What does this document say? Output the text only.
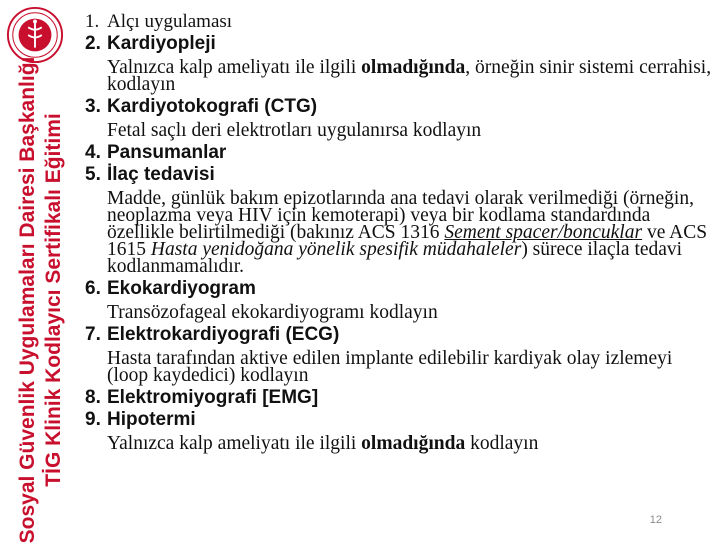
Sosyal Güvenlik Uygulamaları Dairesi Başkanlığı TİG Klinik Kodlayıcı Sertifikalı Eğitimi
1. Alçı uygulaması
2. Kardiyopleji
Yalnızca kalp ameliyatı ile ilgili olmadığında, örneğin sinir sistemi cerrahisi, kodlayın
3. Kardiyotokografi (CTG)
Fetal saçlı deri elektrotları uygulanırsa kodlayın
4. Pansumanlar
5. İlaç tedavisi
Madde, günlük bakım epizotlarında ana tedavi olarak verilmediği (örneğin, neoplazma veya HIV için kemoterapi) veya bir kodlama standardında özellikle belirtilmediği (bakınız ACS 1316 Sement spacer/boncuklar ve ACS 1615 Hasta yenidoğana yönelik spesifik müdahaleler) sürece ilaçla tedavi kodlanmamalıdır.
6. Ekokardiyogram
Transözofageal ekokardiyogramı kodlayın
7. Elektrokardiyografi (ECG)
Hasta tarafından aktive edilen implante edilebilir kardiyak olay izlemeyi (loop kaydedici) kodlayın
8. Elektromiyografi [EMG]
9. Hipotermi
Yalnızca kalp ameliyatı ile ilgili olmadığında kodlayın
12
